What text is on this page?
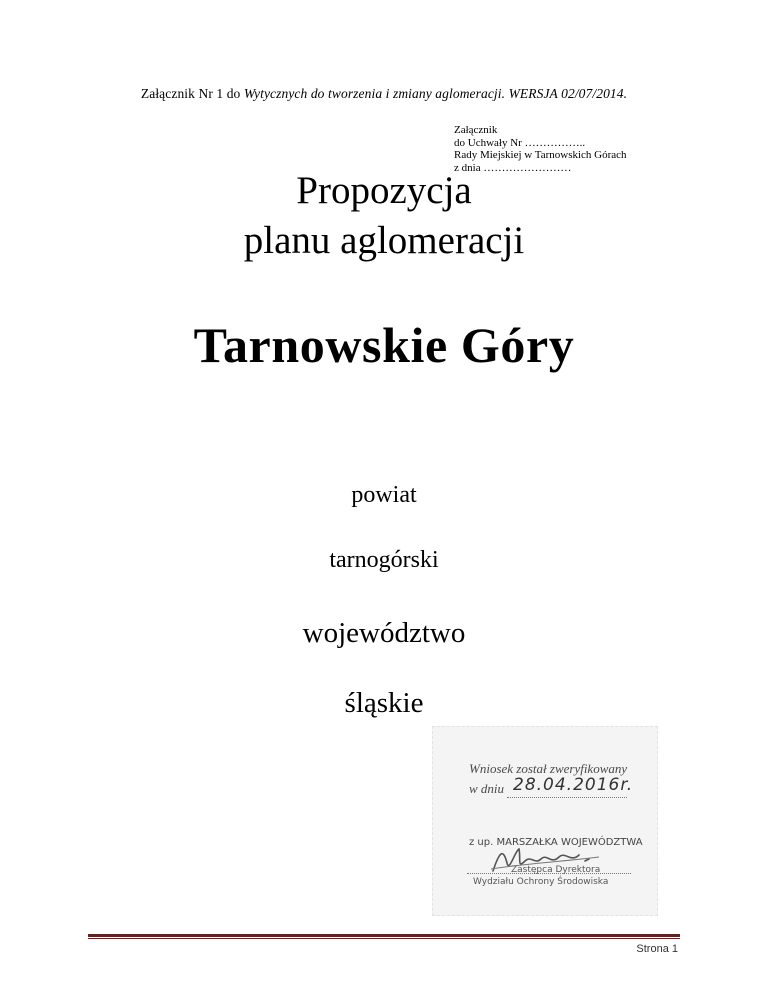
Załącznik Nr 1 do Wytycznych do tworzenia i zmiany aglomeracji. WERSJA 02/07/2014.
Załącznik
do Uchwały Nr ……………..
Rady Miejskiej w Tarnowskich Górach
z dnia ……………………
Propozycja
planu aglomeracji
Tarnowskie Góry
powiat
tarnogórski
województwo
śląskie
Wniosek został zweryfikowany
w dniu 28.04.2016r.
z up. MARSZAŁKA WOJEWÓDZTWA
Zastępca Dyrektora
Wydziału Ochrony Środowiska
Strona 1
